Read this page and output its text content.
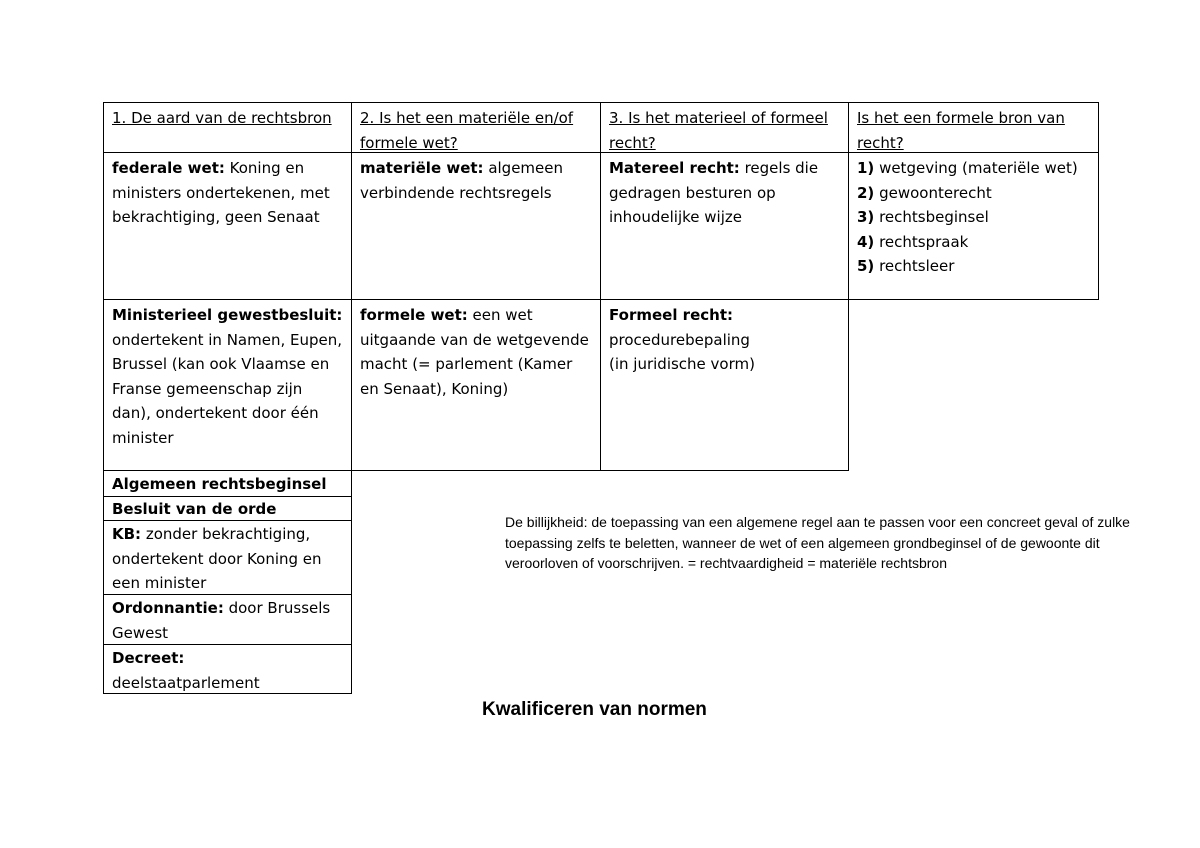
1. De aard van de rechtsbron	2. Is het een materiële en/of formele wet?
3. Is het materieel of formeel recht?
Is het een formele bron van recht?
federale wet: Koning en ministers ondertekenen, met bekrachtiging, geen Senaat
materiële wet: algemeen verbindende rechtsregels
Matereel recht: regels die gedragen besturen op inhoudelijke wijze
1) wetgeving (materiële wet)
2) gewoonterecht
3) rechtsbeginsel
4) rechtspraak
5) rechtsleer
Ministerieel gewestbesluit:
ondertekent in Namen, Eupen, Brussel (kan ook Vlaamse en Franse gemeenschap zijn dan), ondertekent door één minister
formele wet: een wet uitgaande van de wetgevende macht (= parlement (Kamer en Senaat), Koning)
Formeel recht:
procedurebepaling
(in juridische vorm)
Algemeen rechtsbeginsel
Besluit van de orde
KB: zonder bekrachtiging, ondertekent door Koning en een minister
Ordonnantie: door Brussels Gewest
Decreet:
deelstaatparlement
De billijkheid: de toepassing van een algemene regel aan te passen voor een concreet geval of zulke toepassing zelfs te beletten, wanneer de wet of een algemeen grondbeginsel of de gewoonte dit veroorloven of voorschrijven. = rechtvaardigheid = materiële rechtsbron
Kwalificeren van normen
